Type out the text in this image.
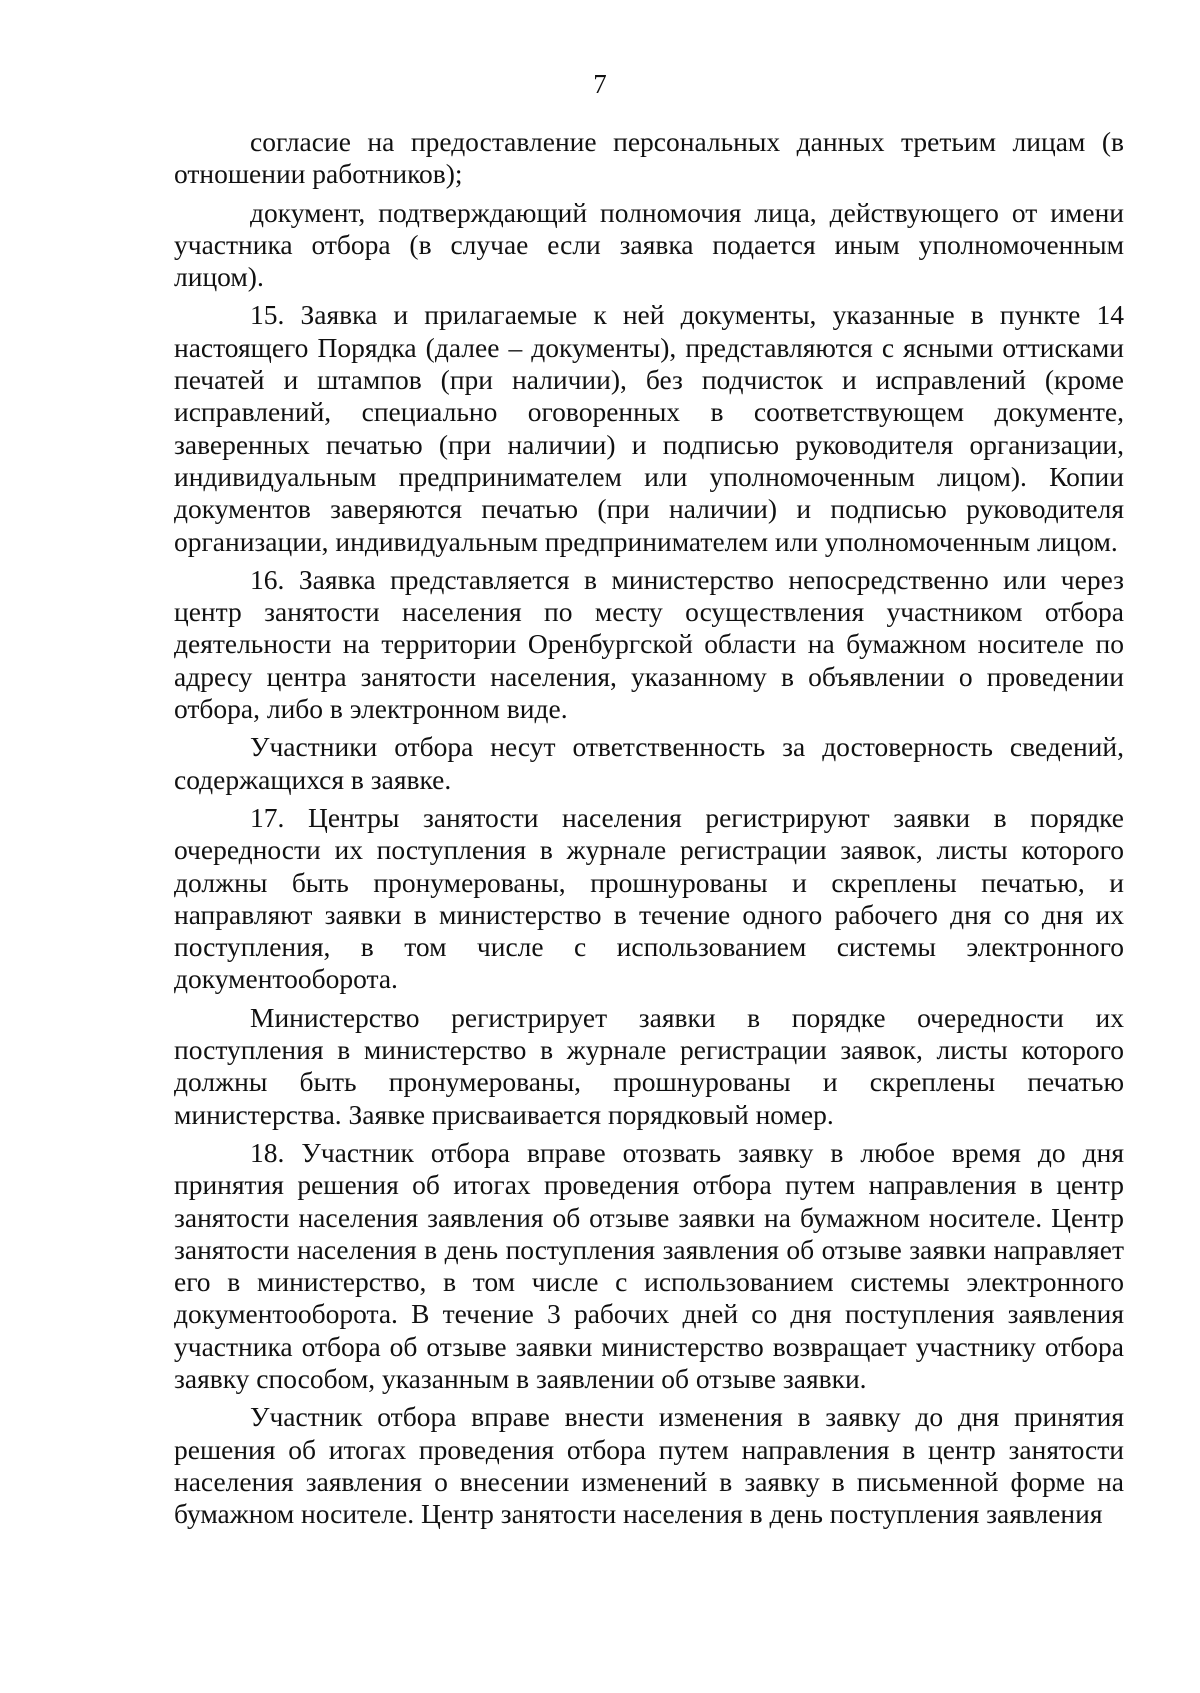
7

согласие на предоставление персональных данных третьим лицам (в отношении работников);

документ, подтверждающий полномочия лица, действующего от имени участника отбора (в случае если заявка подается иным уполномоченным лицом).

15. Заявка и прилагаемые к ней документы, указанные в пункте 14 настоящего Порядка (далее – документы), представляются с ясными оттисками печатей и штампов (при наличии), без подчисток и исправлений (кроме исправлений, специально оговоренных в соответствующем документе, заверенных печатью (при наличии) и подписью руководителя организации, индивидуальным предпринимателем или уполномоченным лицом). Копии документов заверяются печатью (при наличии) и подписью руководителя организации, индивидуальным предпринимателем или уполномоченным лицом.

16. Заявка представляется в министерство непосредственно или через центр занятости населения по месту осуществления участником отбора деятельности на территории Оренбургской области на бумажном носителе по адресу центра занятости населения, указанному в объявлении о проведении отбора, либо в электронном виде.

Участники отбора несут ответственность за достоверность сведений, содержащихся в заявке.

17. Центры занятости населения регистрируют заявки в порядке очередности их поступления в журнале регистрации заявок, листы которого должны быть пронумерованы, прошнурованы и скреплены печатью, и направляют заявки в министерство в течение одного рабочего дня со дня их поступления, в том числе с использованием системы электронного документооборота.

Министерство регистрирует заявки в порядке очередности их поступления в министерство в журнале регистрации заявок, листы которого должны быть пронумерованы, прошнурованы и скреплены печатью министерства. Заявке присваивается порядковый номер.

18. Участник отбора вправе отозвать заявку в любое время до дня принятия решения об итогах проведения отбора путем направления в центр занятости населения заявления об отзыве заявки на бумажном носителе. Центр занятости населения в день поступления заявления об отзыве заявки направляет его в министерство, в том числе с использованием системы электронного документооборота. В течение 3 рабочих дней со дня поступления заявления участника отбора об отзыве заявки министерство возвращает участнику отбора заявку способом, указанным в заявлении об отзыве заявки.

Участник отбора вправе внести изменения в заявку до дня принятия решения об итогах проведения отбора путем направления в центр занятости населения заявления о внесении изменений в заявку в письменной форме на бумажном носителе. Центр занятости населения в день поступления заявления
